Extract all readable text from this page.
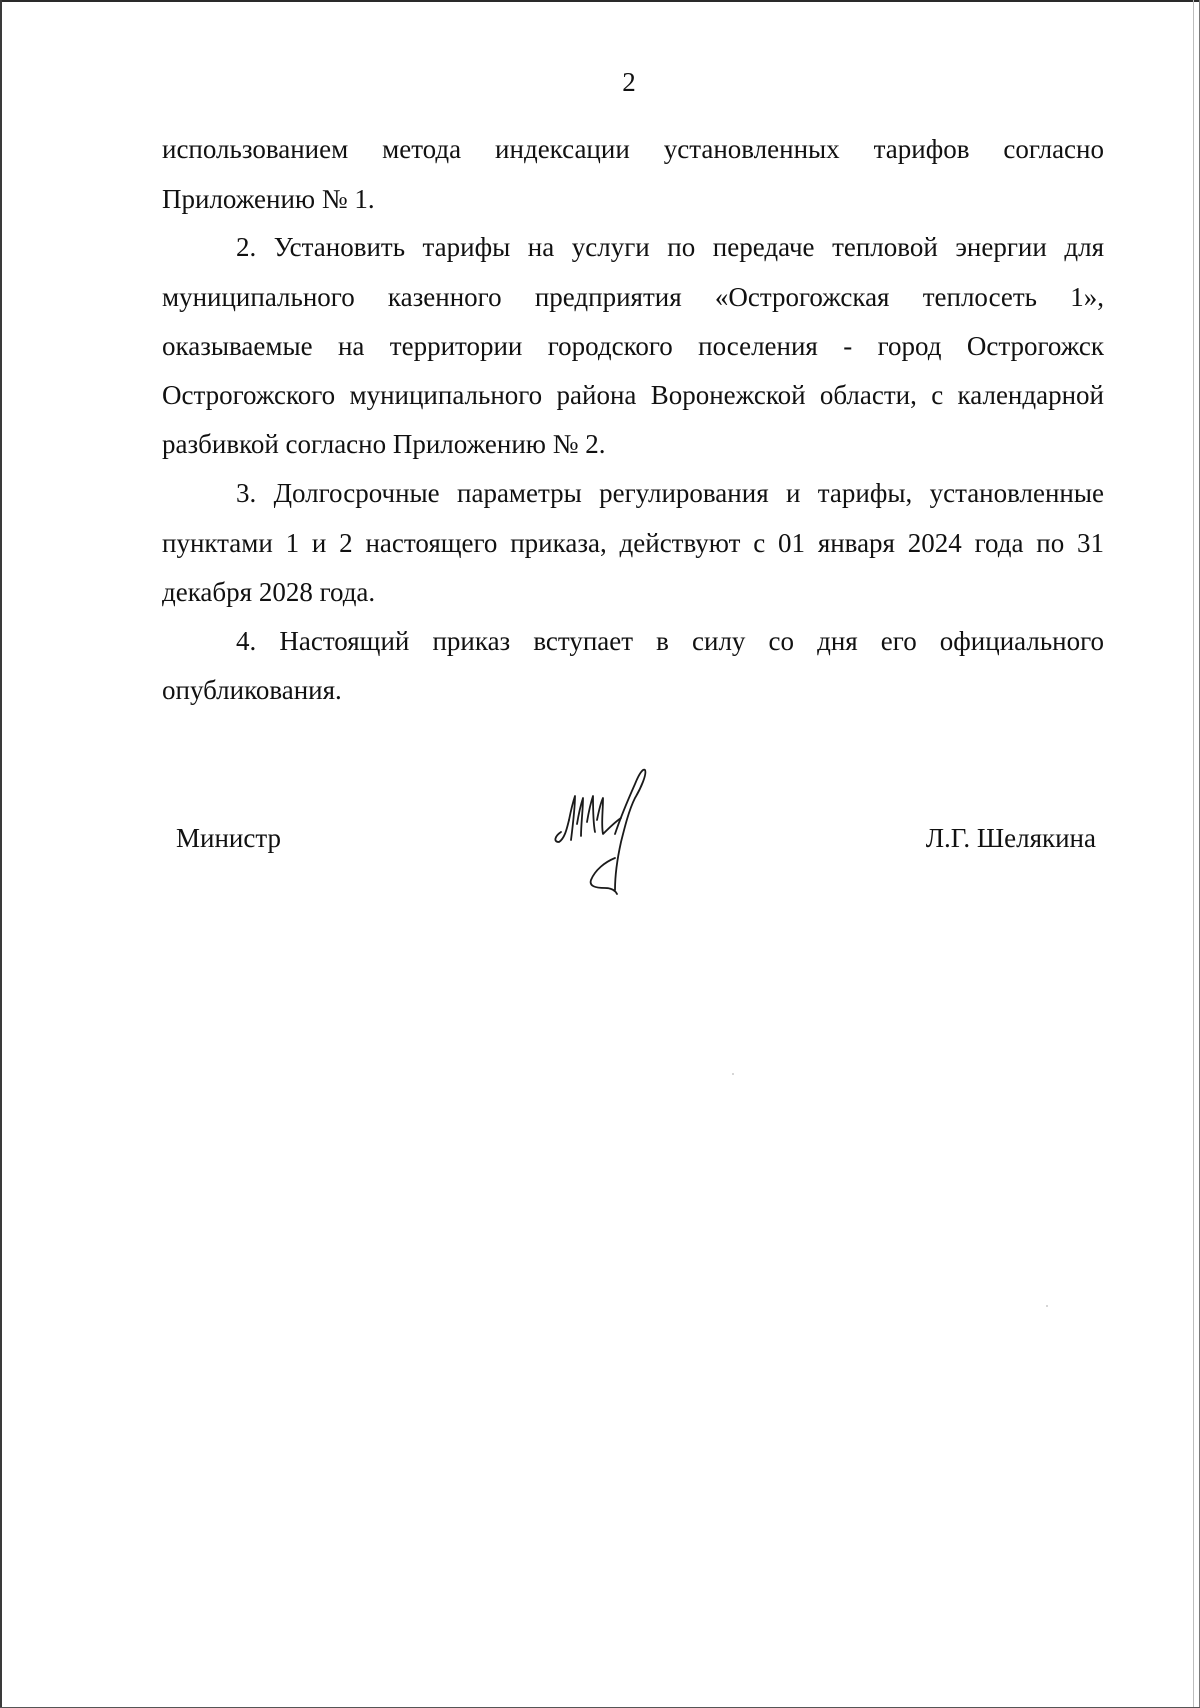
2
использованием метода индексации установленных тарифов согласно
Приложению № 1.
2. Установить тарифы на услуги по передаче тепловой энергии для
муниципального казенного предприятия «Острогожская теплосеть 1»,
оказываемые на территории городского поселения - город Острогожск
Острогожского муниципального района Воронежской области, с календарной
разбивкой согласно Приложению № 2.
3. Долгосрочные параметры регулирования и тарифы, установленные
пунктами 1 и 2 настоящего приказа, действуют с 01 января 2024 года по 31
декабря 2028 года.
4. Настоящий приказ вступает в силу со дня его официального
опубликования.
Министр	Л.Г. Шелякина
